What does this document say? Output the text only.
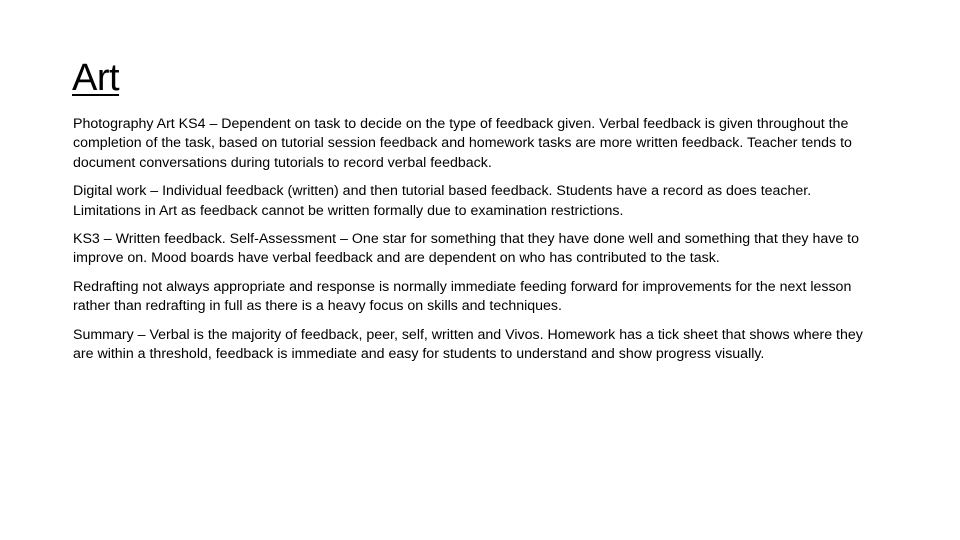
Art

Photography Art KS4 – Dependent on task to decide on the type of feedback given. Verbal feedback is given throughout the completion of the task, based on tutorial session feedback and homework tasks are more written feedback. Teacher tends to document conversations during tutorials to record verbal feedback.

Digital work – Individual feedback (written) and then tutorial based feedback. Students have a record as does teacher. Limitations in Art as feedback cannot be written formally due to examination restrictions.

KS3 – Written feedback. Self-Assessment – One star for something that they have done well and something that they have to improve on. Mood boards have verbal feedback and are dependent on who has contributed to the task.

Redrafting not always appropriate and response is normally immediate feeding forward for improvements for the next lesson rather than redrafting in full as there is a heavy focus on skills and techniques.

Summary – Verbal is the majority of feedback, peer, self, written and Vivos. Homework has a tick sheet that shows where they are within a threshold, feedback is immediate and easy for students to understand and show progress visually.
